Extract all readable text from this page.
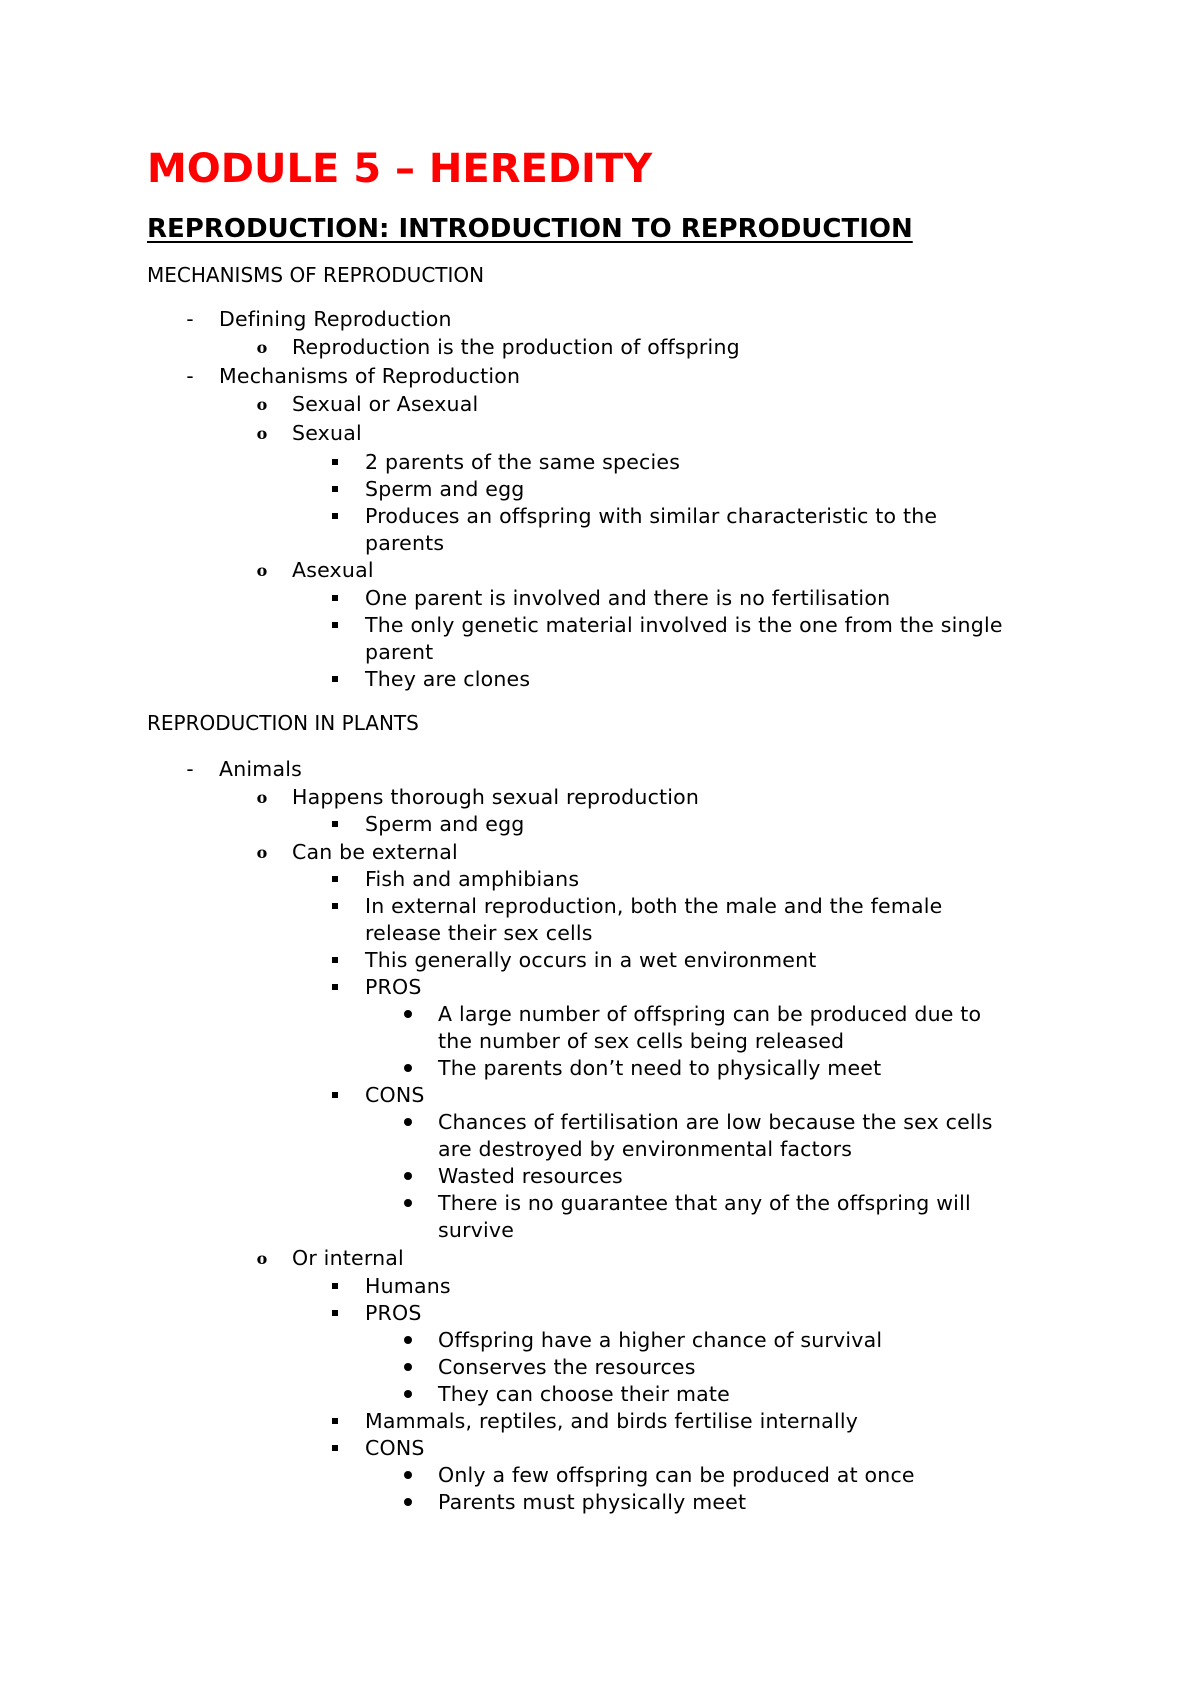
MODULE 5 – HEREDITY
REPRODUCTION: INTRODUCTION TO REPRODUCTION
MECHANISMS OF REPRODUCTION
-	Defining Reproduction
o Reproduction is the production of offspring
-	Mechanisms of Reproduction
o Sexual or Asexual
o Sexual
2 parents of the same species
Sperm and egg
Produces an offspring with similar characteristic to the
parents
o Asexual
One parent is involved and there is no fertilisation
The only genetic material involved is the one from the single
parent
They are clones
REPRODUCTION IN PLANTS
-	Animals
o Happens thorough sexual reproduction
Sperm and egg
o Can be external
Fish and amphibians
In external reproduction, both the male and the female
release their sex cells
This generally occurs in a wet environment
PROS
A large number of offspring can be produced due to
the number of sex cells being released
The parents don’t need to physically meet
CONS
Chances of fertilisation are low because the sex cells
are destroyed by environmental factors
Wasted resources
There is no guarantee that any of the offspring will
survive
o Or internal
Humans
PROS
Offspring have a higher chance of survival
Conserves the resources
They can choose their mate
Mammals, reptiles, and birds fertilise internally
CONS
Only a few offspring can be produced at once
Parents must physically meet
